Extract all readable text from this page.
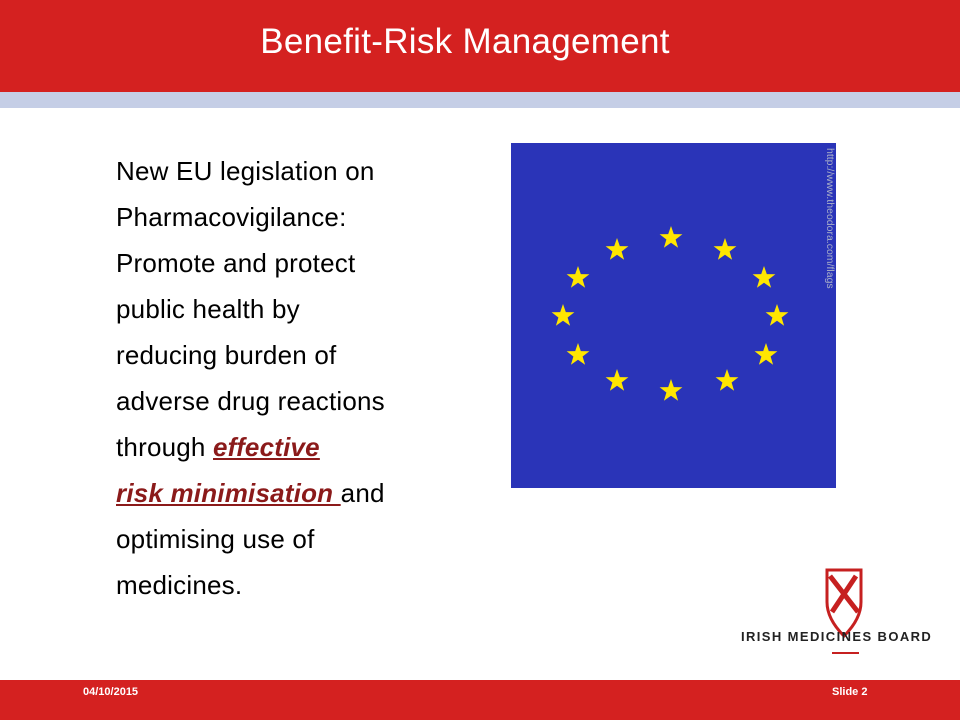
Benefit-Risk Management
New EU legislation on
Pharmacovigilance:
Promote and protect
public health by
reducing burden of
adverse drug reactions
through effective
risk minimisation and
optimising use of
medicines.
http://www.theodora.com/flags
IRISH MEDICINES BOARD
04/10/2015	Slide 2
